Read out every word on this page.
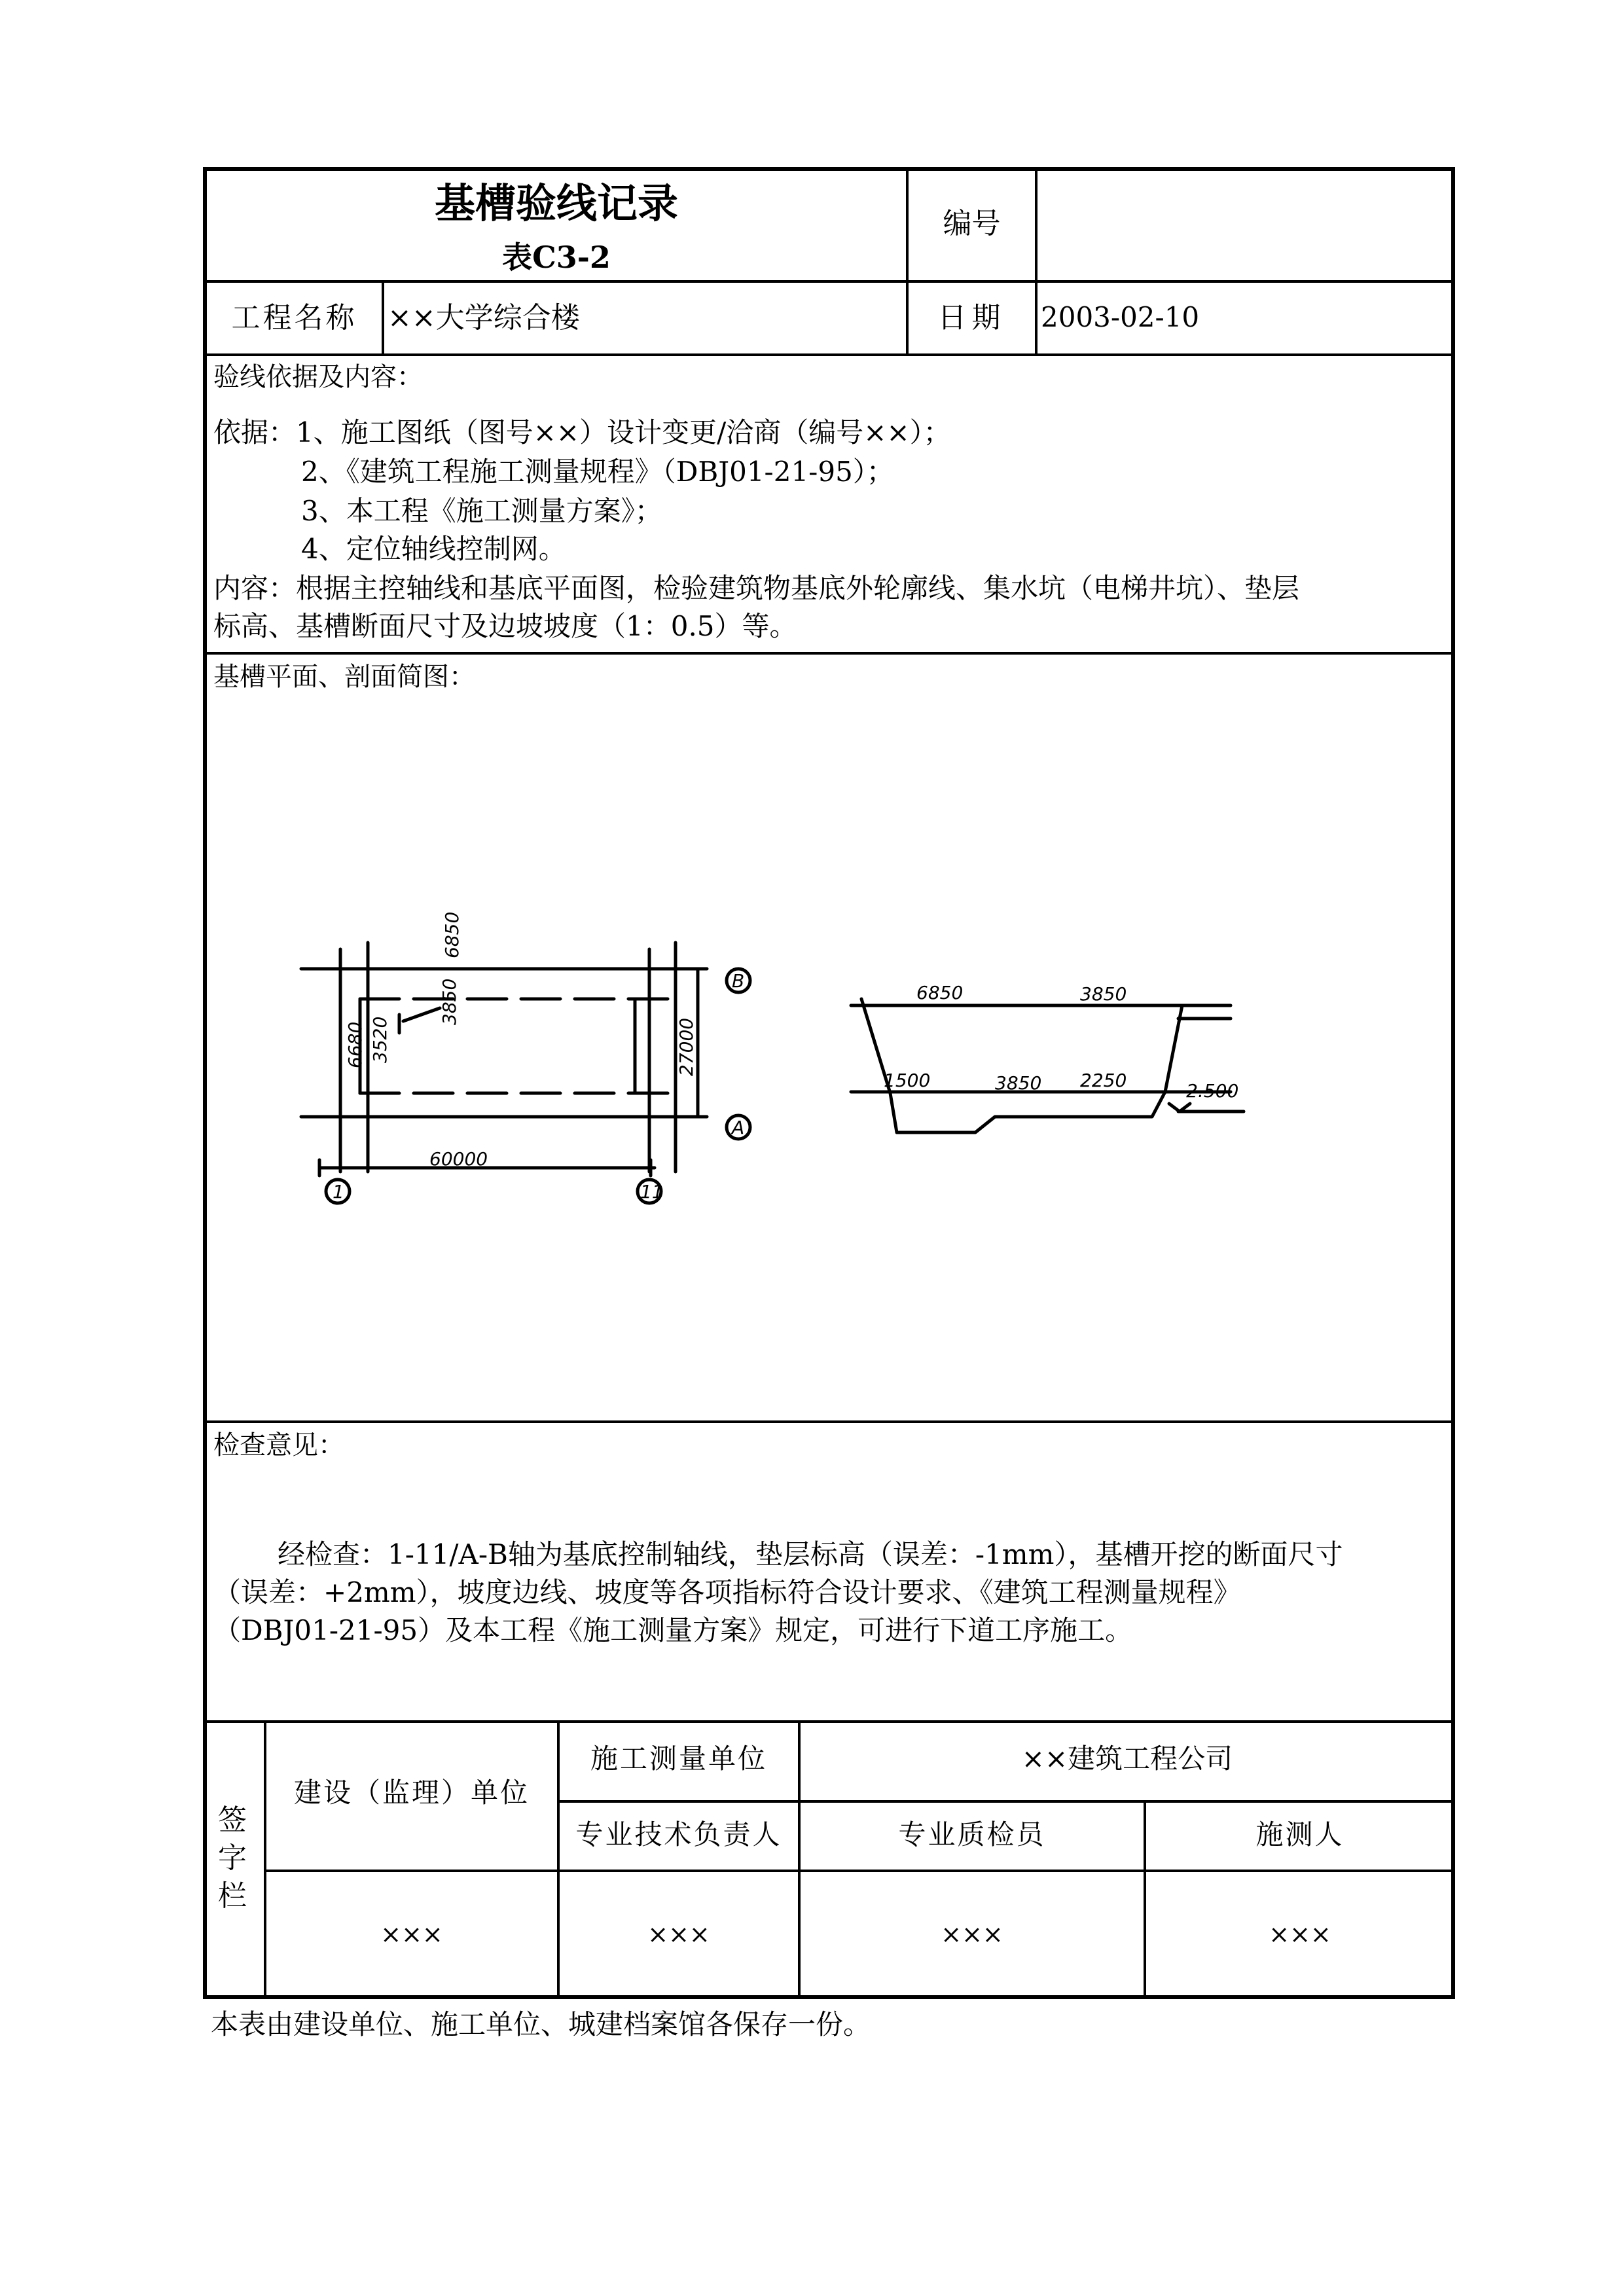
基槽验线记录
表C3-2
编号
工程名称	××大学综合楼	日期	2003-02-10
验线依据及内容：
依据：1、施工图纸（图号××）设计变更/洽商（编号××）；
2、《建筑工程施工测量规程》（DBJ01-21-95）；
3、本工程《施工测量方案》；
4、定位轴线控制网。
内容：根据主控轴线和基底平面图，检验建筑物基底外轮廓线、集水坑（电梯井坑）、垫层
标高、基槽断面尺寸及边坡坡度（1：0.5）等。
基槽平面、剖面简图：
B
A
1	11
6850
3850
6680 3520	27000
60000
6850	3850
1500	3850 2250	-2.500
检查意见：
经检查：1-11/A-B轴为基底控制轴线，垫层标高（误差：-1mm），基槽开挖的断面尺寸
（误差：+2mm），坡度边线、坡度等各项指标符合设计要求、《建筑工程测量规程》
（DBJ01-21-95）及本工程《施工测量方案》规定，可进行下道工序施工。
签字栏
建设（监理）单位
施工测量单位	××建筑工程公司
专业技术负责人	专业质检员	施测人
×××	×××	×××	×××
本表由建设单位、施工单位、城建档案馆各保存一份。
